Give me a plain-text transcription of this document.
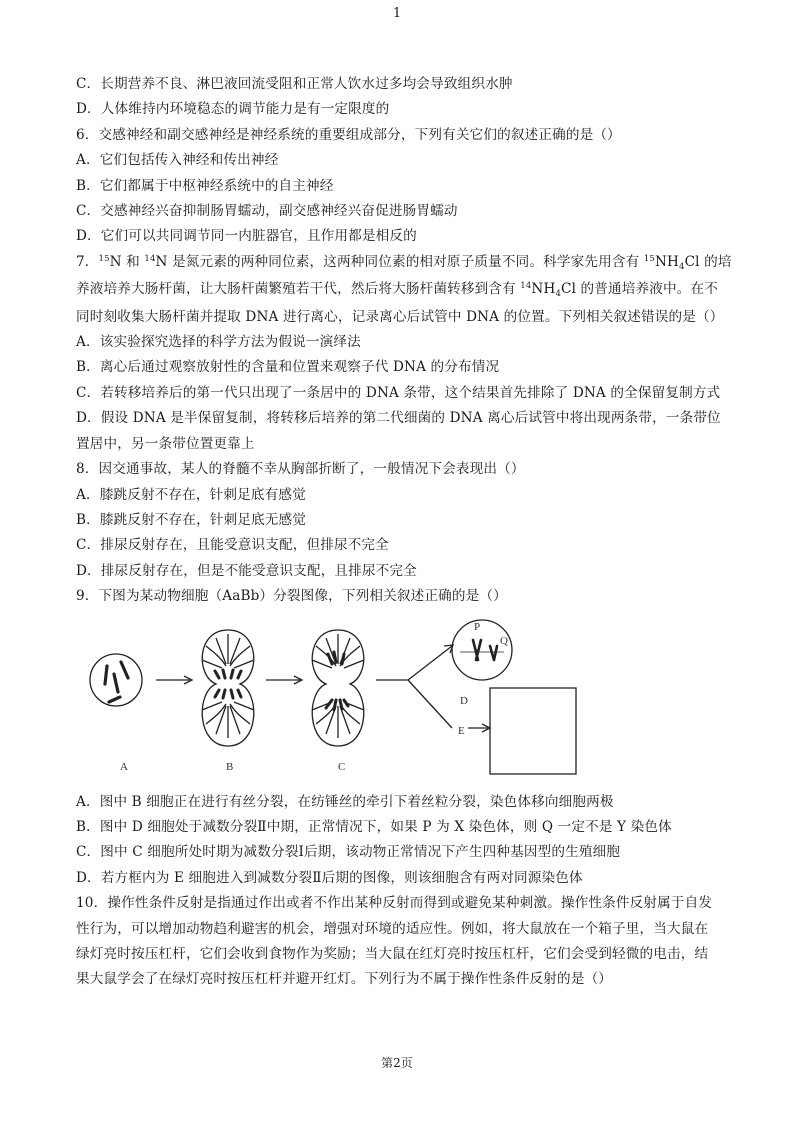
1
C．长期营养不良、淋巴液回流受阻和正常人饮水过多均会导致组织水肿
D．人体维持内环境稳态的调节能力是有一定限度的
6．交感神经和副交感神经是神经系统的重要组成部分，下列有关它们的叙述正确的是（）
A．它们包括传入神经和传出神经
B．它们都属于中枢神经系统中的自主神经
C．交感神经兴奋抑制肠胃蠕动，副交感神经兴奋促进肠胃蠕动
D．它们可以共同调节同一内脏器官，且作用都是相反的
7．$^{15}$N 和 $^{14}$N 是氮元素的两种同位素，这两种同位素的相对原子质量不同。科学家先用含有 $^{15}NH_4Cl$ 的培
养液培养大肠杆菌，让大肠杆菌繁殖若干代，然后将大肠杆菌转移到含有 $^{14}NH_4Cl$ 的普通培养液中。在不
同时刻收集大肠杆菌并提取 DNA 进行离心，记录离心后试管中 DNA 的位置。下列相关叙述错误的是（）
A．该实验探究选择的科学方法为假说一演绎法
B．离心后通过观察放射性的含量和位置来观察子代 DNA 的分布情况
C．若转移培养后的第一代只出现了一条居中的 DNA 条带，这个结果首先排除了 DNA 的全保留复制方式
D．假设 DNA 是半保留复制，将转移后培养的第二代细菌的 DNA 离心后试管中将出现两条带，一条带位
置居中，另一条带位置更靠上
8．因交通事故，某人的脊髓不幸从胸部折断了，一般情况下会表现出（）
A．膝跳反射不存在，针刺足底有感觉
B．膝跳反射不存在，针刺足底无感觉
C．排尿反射存在，且能受意识支配，但排尿不完全
D．排尿反射存在，但是不能受意识支配，且排尿不完全
9．下图为某动物细胞（AaBb）分裂图像，下列相关叙述正确的是（）
A	B	C
D
E
P
Q
A．图中 B 细胞正在进行有丝分裂，在纺锤丝的牵引下着丝粒分裂，染色体移向细胞两极
B．图中 D 细胞处于减数分裂Ⅱ中期，正常情况下，如果 P 为 X 染色体，则 Q 一定不是 Y 染色体
C．图中 C 细胞所处时期为减数分裂Ⅰ后期，该动物正常情况下产生四种基因型的生殖细胞
D．若方框内为 E 细胞进入到减数分裂Ⅱ后期的图像，则该细胞含有两对同源染色体
10．操作性条件反射是指通过作出或者不作出某种反射而得到或避免某种刺激。操作性条件反射属于自发
性行为，可以增加动物趋利避害的机会，增强对环境的适应性。例如，将大鼠放在一个箱子里，当大鼠在
绿灯亮时按压杠杆，它们会收到食物作为奖励；当大鼠在红灯亮时按压杠杆，它们会受到轻微的电击，结
果大鼠学会了在绿灯亮时按压杠杆并避开红灯。下列行为不属于操作性条件反射的是（）
第2页
